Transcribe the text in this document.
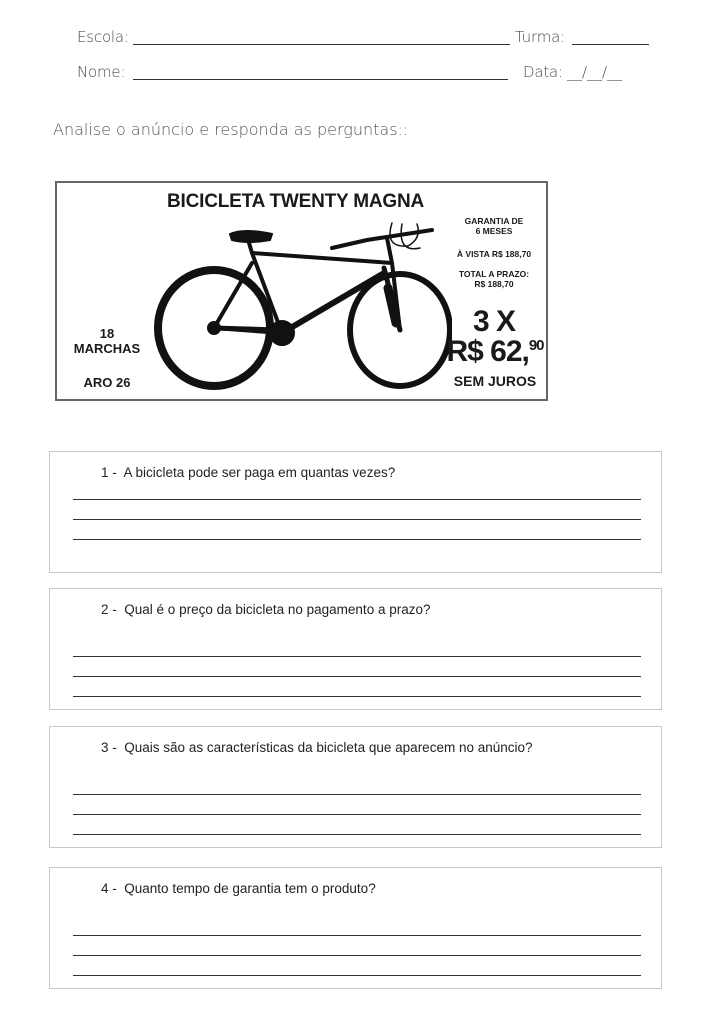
Escola:	Turma:
Nome:	Data: __/__/__
Analise o anúncio e responda as perguntas::
BICICLETA TWENTY MAGNA
GARANTIA DE
6 MESES
À VISTA R$ 188,70
TOTAL A PRAZO:
R$ 188,70
3 X
R$ 62,90
SEM JUROS
18
MARCHAS
ARO 26
1 - A bicicleta pode ser paga em quantas vezes?
2 - Qual é o preço da bicicleta no pagamento a prazo?
3 - Quais são as características da bicicleta que aparecem no anúncio?
4 - Quanto tempo de garantia tem o produto?
